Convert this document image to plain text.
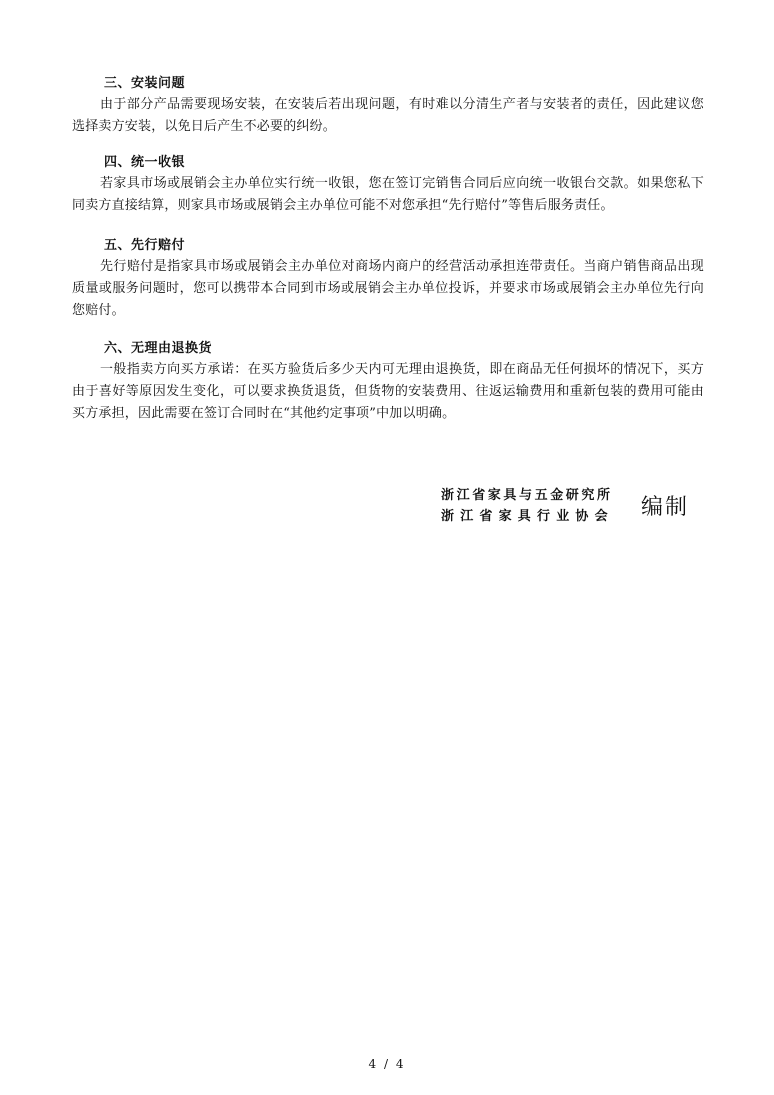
三、安装问题

由于部分产品需要现场安装，在安装后若出现问题，有时难以分清生产者与安装者的责任，因此建议您选择卖方安装，以免日后产生不必要的纠纷。

四、统一收银

若家具市场或展销会主办单位实行统一收银，您在签订完销售合同后应向统一收银台交款。如果您私下同卖方直接结算，则家具市场或展销会主办单位可能不对您承担“先行赔付”等售后服务责任。

五、先行赔付

先行赔付是指家具市场或展销会主办单位对商场内商户的经营活动承担连带责任。当商户销售商品出现质量或服务问题时，您可以携带本合同到市场或展销会主办单位投诉，并要求市场或展销会主办单位先行向您赔付。

六、无理由退换货

一般指卖方向买方承诺：在买方验货后多少天内可无理由退换货，即在商品无任何损坏的情况下，买方由于喜好等原因发生变化，可以要求换货退货，但货物的安装费用、往返运输费用和重新包装的费用可能由买方承担，因此需要在签订合同时在“其他约定事项”中加以明确。

浙江省家具与五金研究所
浙江省家具行业协会 编制
4 / 4
